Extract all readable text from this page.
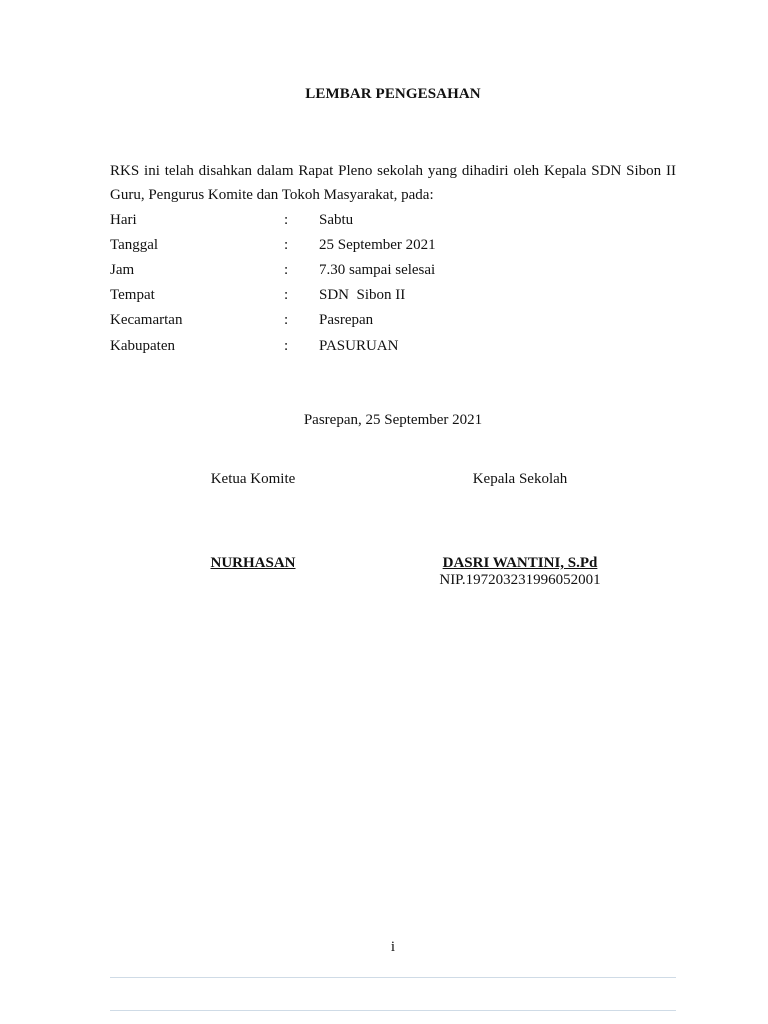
LEMBAR PENGESAHAN
RKS ini telah disahkan dalam Rapat Pleno sekolah yang dihadiri oleh Kepala SDN Sibon II Guru, Pengurus Komite dan Tokoh Masyarakat, pada:
Hari	: Sabtu
Tanggal	: 25 September 2021
Jam	: 7.30 sampai selesai
Tempat	: SDN  Sibon II
Kecamartan	: Pasrepan
Kabupaten	: PASURUAN
Pasrepan, 25 September 2021
Ketua Komite	Kepala Sekolah
NURHASAN	DASRI WANTINI, S.Pd
NIP.197203231996052001
i
